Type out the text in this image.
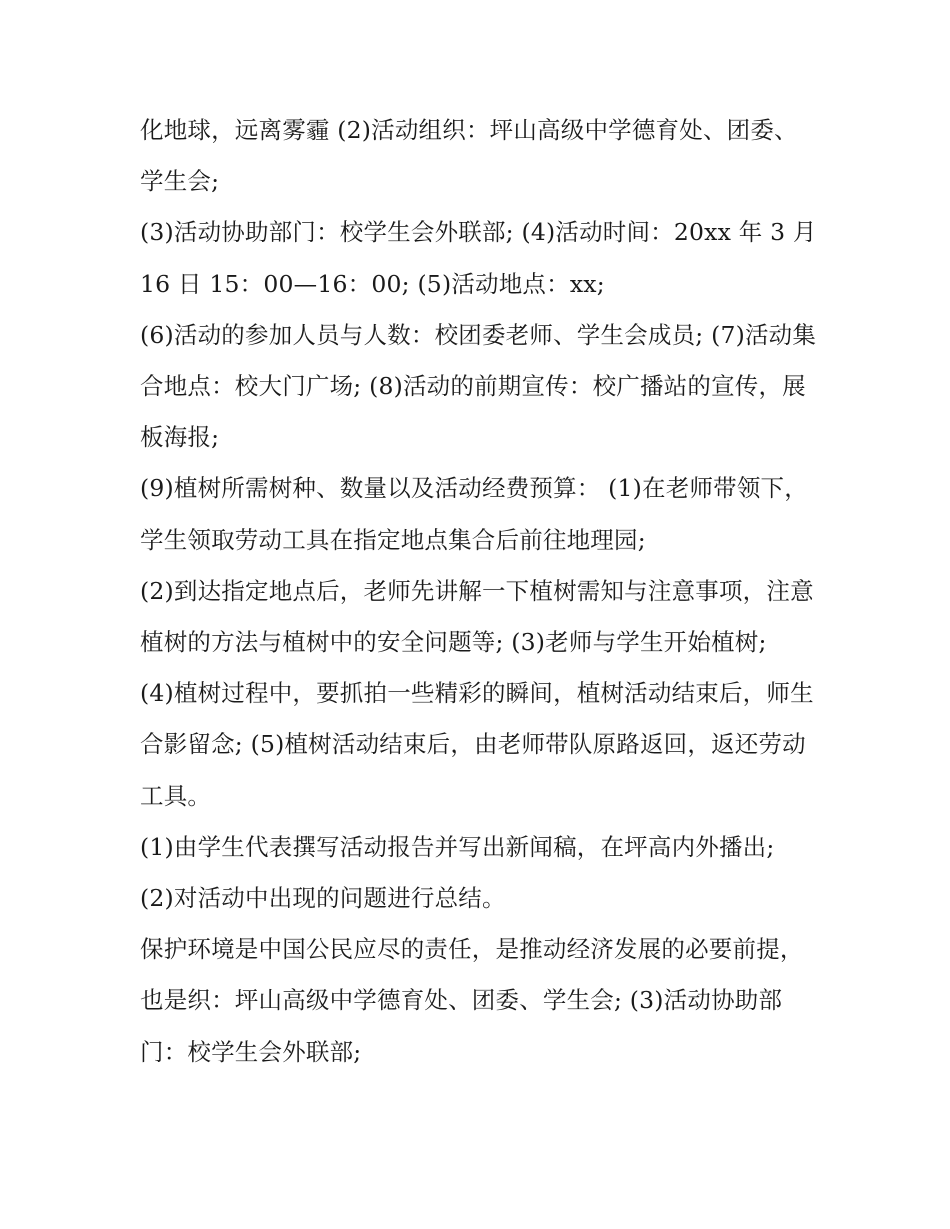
化地球，远离雾霾 (2)活动组织：坪山高级中学德育处、团委、学生会;

(3)活动协助部门：校学生会外联部; (4)活动时间：20xx 年 3 月 16 日 15：00—16：00; (5)活动地点：xx;

(6)活动的参加人员与人数：校团委老师、学生会成员; (7)活动集合地点：校大门广场; (8)活动的前期宣传：校广播站的宣传，展板海报;

(9)植树所需树种、数量以及活动经费预算： (1)在老师带领下，学生领取劳动工具在指定地点集合后前往地理园;

(2)到达指定地点后，老师先讲解一下植树需知与注意事项，注意植树的方法与植树中的安全问题等; (3)老师与学生开始植树;

(4)植树过程中，要抓拍一些精彩的瞬间，植树活动结束后，师生合影留念; (5)植树活动结束后，由老师带队原路返回，返还劳动工具。

(1)由学生代表撰写活动报告并写出新闻稿，在坪高内外播出;

(2)对活动中出现的问题进行总结。

保护环境是中国公民应尽的责任，是推动经济发展的必要前提，也是织：坪山高级中学德育处、团委、学生会; (3)活动协助部门：校学生会外联部;
